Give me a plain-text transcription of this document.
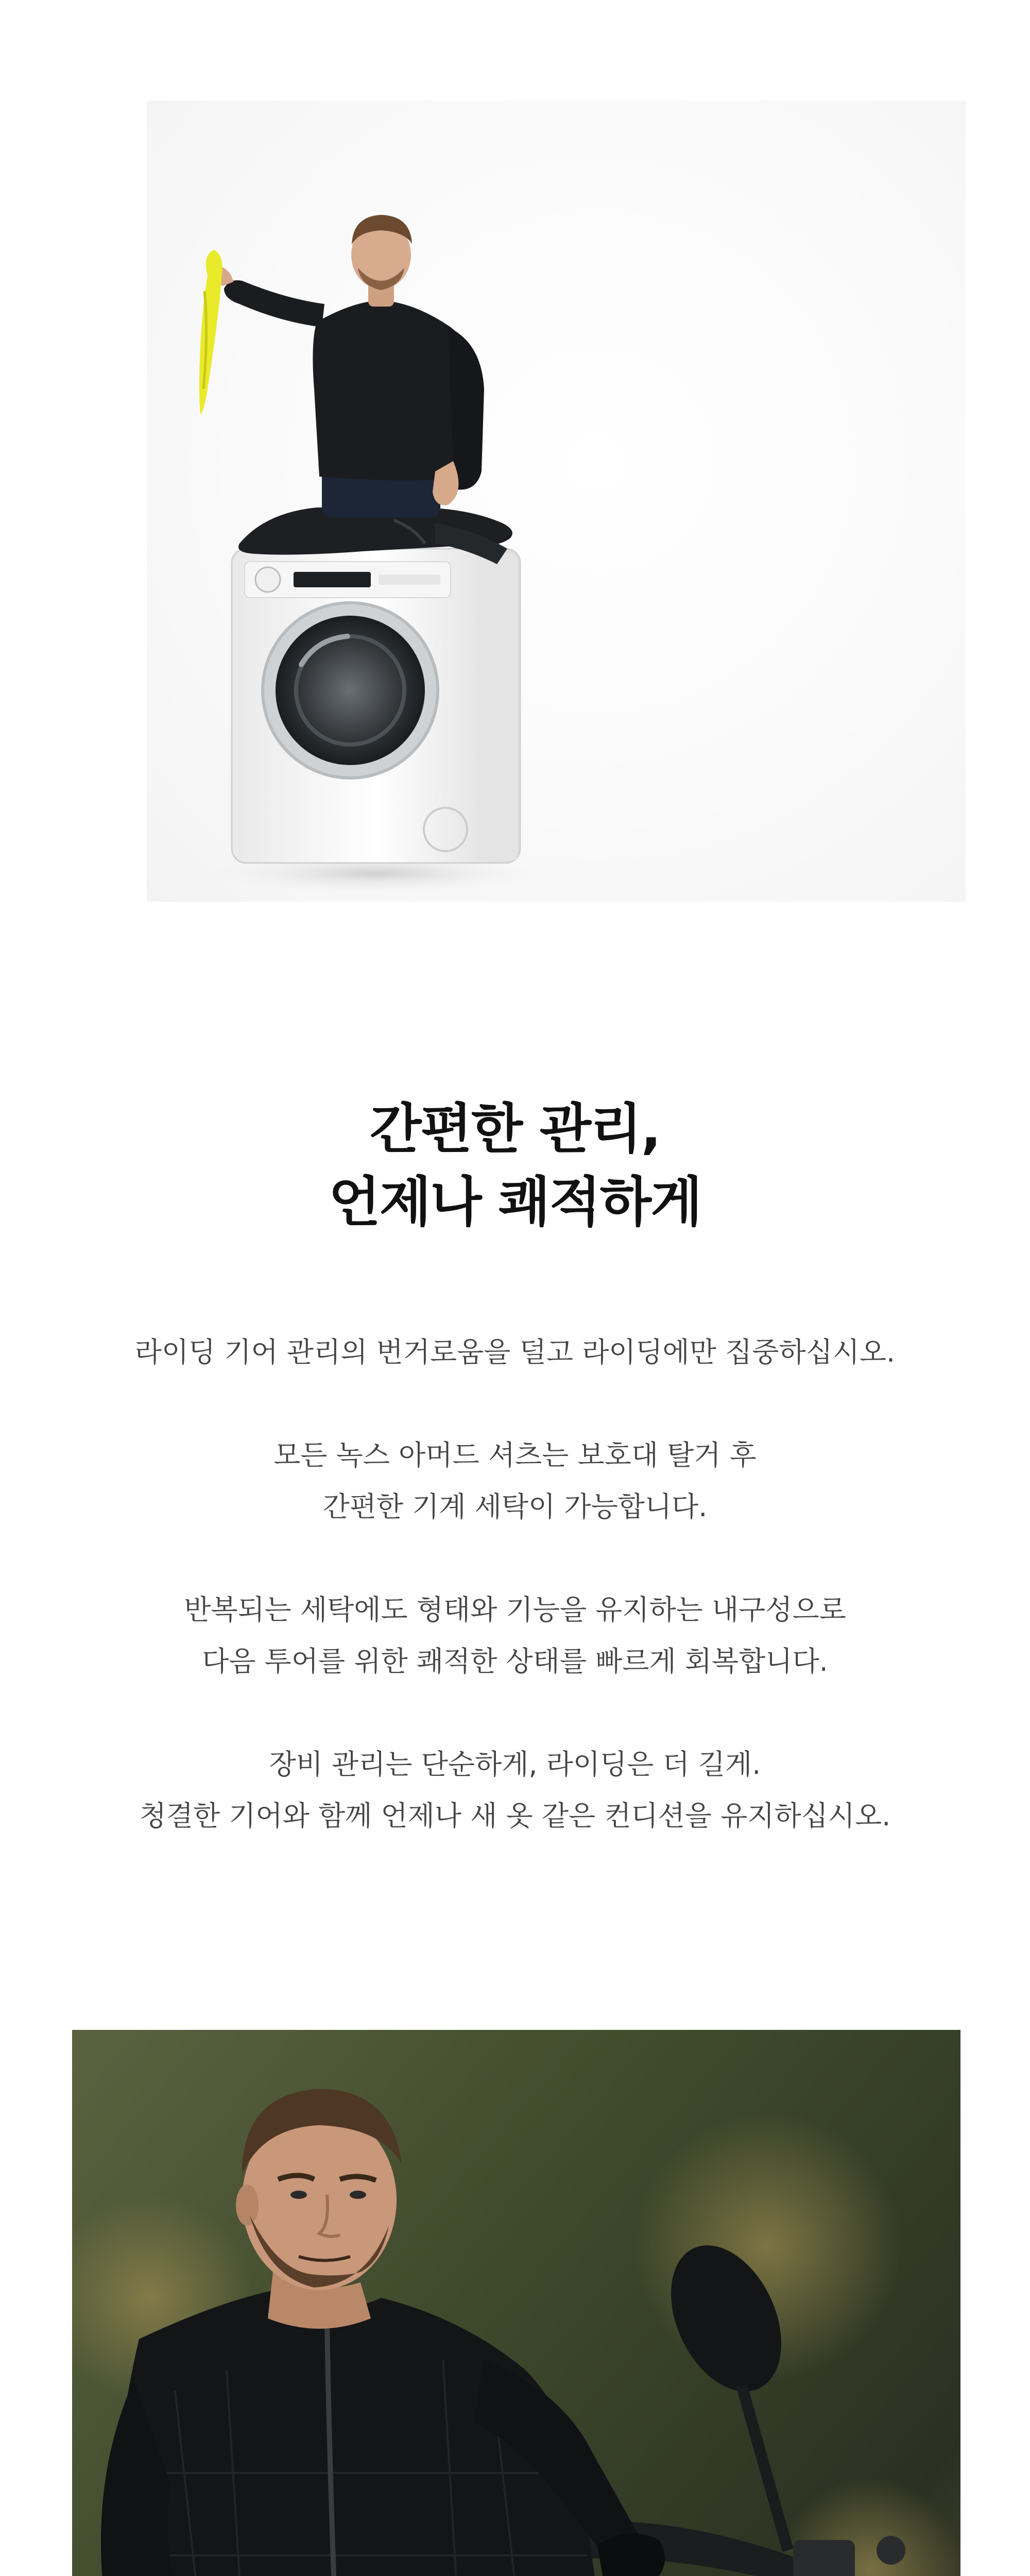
간편한 관리,
언제나 쾌적하게

라이딩 기어 관리의 번거로움을 덜고 라이딩에만 집중하십시오.

모든 녹스 아머드 셔츠는 보호대 탈거 후
간편한 기계 세탁이 가능합니다.

반복되는 세탁에도 형태와 기능을 유지하는 내구성으로
다음 투어를 위한 쾌적한 상태를 빠르게 회복합니다.

장비 관리는 단순하게, 라이딩은 더 길게.
청결한 기어와 함께 언제나 새 옷 같은 컨디션을 유지하십시오.
